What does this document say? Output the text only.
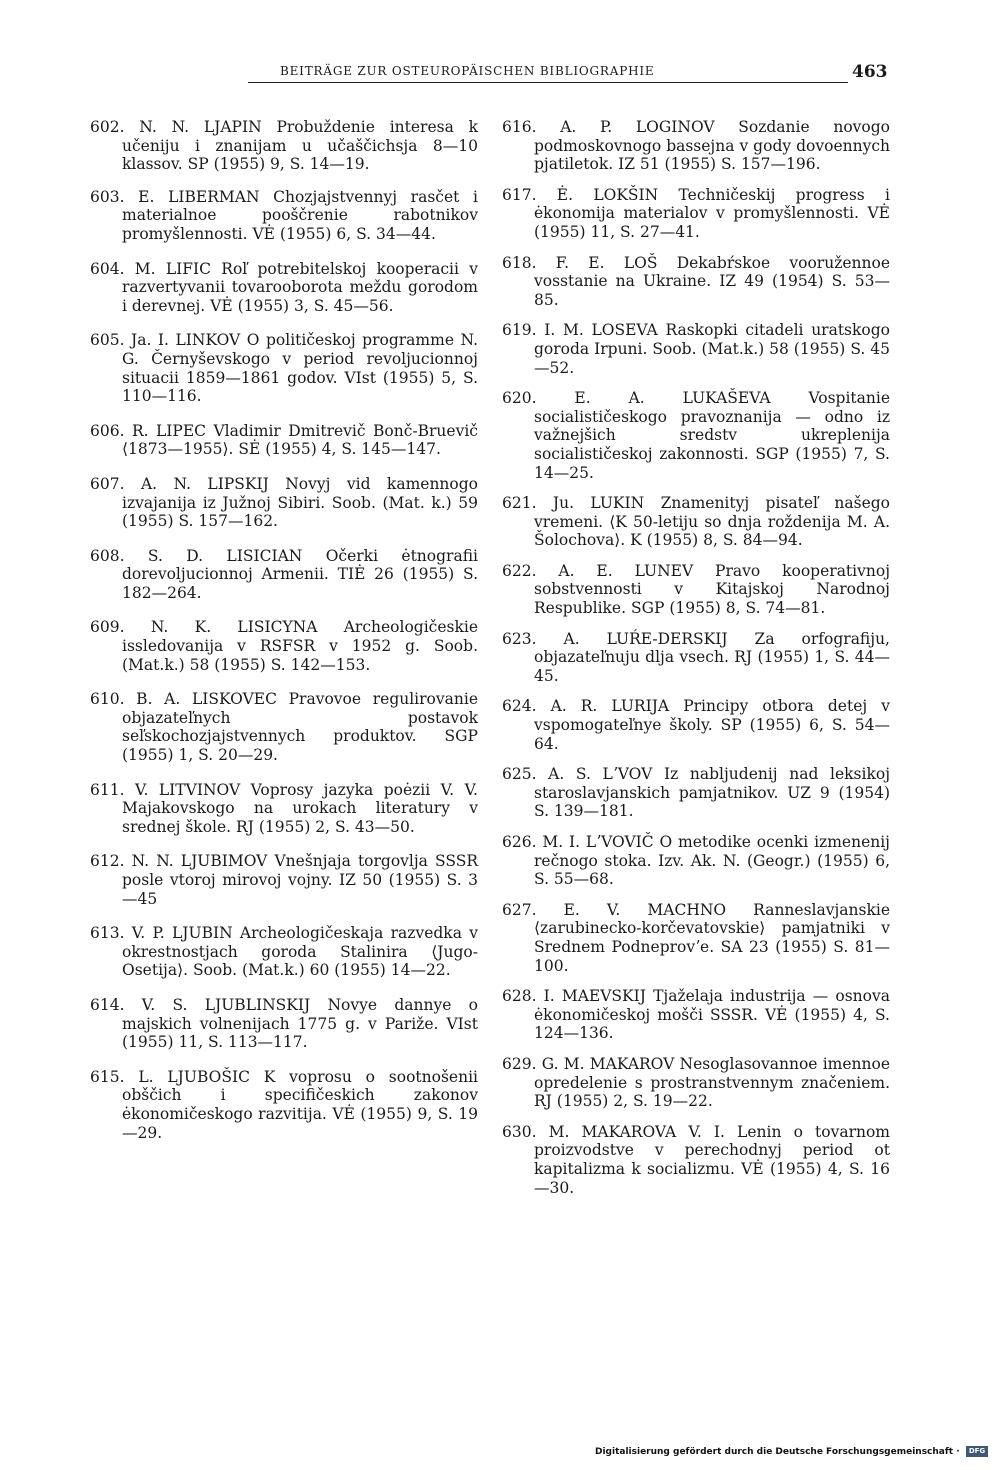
BEITRÄGE ZUR OSTEUROPÄISCHEN BIBLIOGRAPHIE	463

602. N. N. LJAPIN Probuždenie interesa k učeniju i znanijam u učaščichsja 8—10 klassov. SP (1955) 9, S. 14—19.

603. E. LIBERMAN Chozjajstvennyj rasčet i materialnoe pooščrenie rabotnikov promyšlennosti. VĖ (1955) 6, S. 34—44.

604. M. LIFIC Roľ potrebitelskoj kooperacii v razvertyvanii tovarooborota meždu gorodom i derevnej. VĖ (1955) 3, S. 45—56.

605. Ja. I. LINKOV O političeskoj programme N. G. Černyševskogo v period revoljucionnoj situacii 1859—1861 godov. VIst (1955) 5, S. 110—116.

606. R. LIPEC Vladimir Dmitrevič Bonč-Bruevič ⟨1873—1955⟩. SĖ (1955) 4, S. 145—147.

607. A. N. LIPSKIJ Novyj vid kamennogo izvajanija iz Južnoj Sibiri. Soob. (Mat. k.) 59 (1955) S. 157—162.

608. S. D. LISICIAN Očerki ėtnografii dorevoljucionnoj Armenii. TIĖ 26 (1955) S. 182—264.

609. N. K. LISICYNA Archeologičeskie issledovanija v RSFSR v 1952 g. Soob. (Mat.k.) 58 (1955) S. 142—153.

610. B. A. LISKOVEC Pravovoe regulirovanie objazateľnych postavok seľskochozjajstvennych produktov. SGP (1955) 1, S. 20—29.

611. V. LITVINOV Voprosy jazyka poėzii V. V. Majakovskogo na urokach literatury v srednej škole. RJ (1955) 2, S. 43—50.

612. N. N. LJUBIMOV Vnešnjaja torgovlja SSSR posle vtoroj mirovoj vojny. IZ 50 (1955) S. 3—45

613. V. P. LJUBIN Archeologičeskaja razvedka v okrestnostjach goroda Stalinira ⟨Jugo-Osetija⟩. Soob. (Mat.k.) 60 (1955) 14—22.

614. V. S. LJUBLINSKIJ Novye dannye o majskich volnenijach 1775 g. v Pariže. VIst (1955) 11, S. 113—117.

615. L. LJUBOŠIC K voprosu o sootnošenii obščich i specifičeskich zakonov ėkonomičeskogo razvitija. VĖ (1955) 9, S. 19—29.

616. A. P. LOGINOV Sozdanie novogo podmoskovnogo bassejna v gody dovoennych pjatiletok. IZ 51 (1955) S. 157—196.

617. Ė. LOKŠIN Techničeskij progress i ėkonomija materialov v promyšlennosti. VĖ (1955) 11, S. 27—41.

618. F. E. LOŠ Dekabŕskoe vooružennoe vosstanie na Ukraine. IZ 49 (1954) S. 53—85.

619. I. M. LOSEVA Raskopki citadeli uratskogo goroda Irpuni. Soob. (Mat.k.) 58 (1955) S. 45—52.

620. E. A. LUKAŠEVA Vospitanie socialističeskogo pravoznanija — odno iz važnejšich sredstv ukreplenija socialističeskoj zakonnosti. SGP (1955) 7, S. 14—25.

621. Ju. LUKIN Znamenityj pisateľ našego vremeni. ⟨K 50-letiju so dnja roždenija M. A. Šolochova⟩. K (1955) 8, S. 84—94.

622. A. E. LUNEV Pravo kooperativnoj sobstvennosti v Kitajskoj Narodnoj Respublike. SGP (1955) 8, S. 74—81.

623. A. LUŔE-DERSKIJ Za orfografiju, objazateľnuju dlja vsech. RJ (1955) 1, S. 44—45.

624. A. R. LURIJA Principy otbora detej v vspomogateľnye školy. SP (1955) 6, S. 54—64.

625. A. S. LʼVOV Iz nabljudenij nad leksikoj staroslavjanskich pamjatnikov. UZ 9 (1954) S. 139—181.

626. M. I. LʼVOVIČ O metodike ocenki izmenenij rečnogo stoka. Izv. Ak. N. (Geogr.) (1955) 6, S. 55—68.

627. E. V. MACHNO Ranneslavjanskie ⟨zarubinecko-korčevatovskie⟩ pamjatniki v Srednem Podneprovʼe. SA 23 (1955) S. 81—100.

628. I. MAEVSKIJ Tjaželaja industrija — osnova ėkonomičeskoj mošči SSSR. VĖ (1955) 4, S. 124—136.

629. G. M. MAKAROV Nesoglasovannoe imennoe opredelenie s prostranstvennym značeniem. RJ (1955) 2, S. 19—22.

630. M. MAKAROVA V. I. Lenin o tovarnom proizvodstve v perechodnyj period ot kapitalizma k socializmu. VĖ (1955) 4, S. 16—30.

Digitalisierung gefördert durch die Deutsche Forschungsgemeinschaft ·	DFG
